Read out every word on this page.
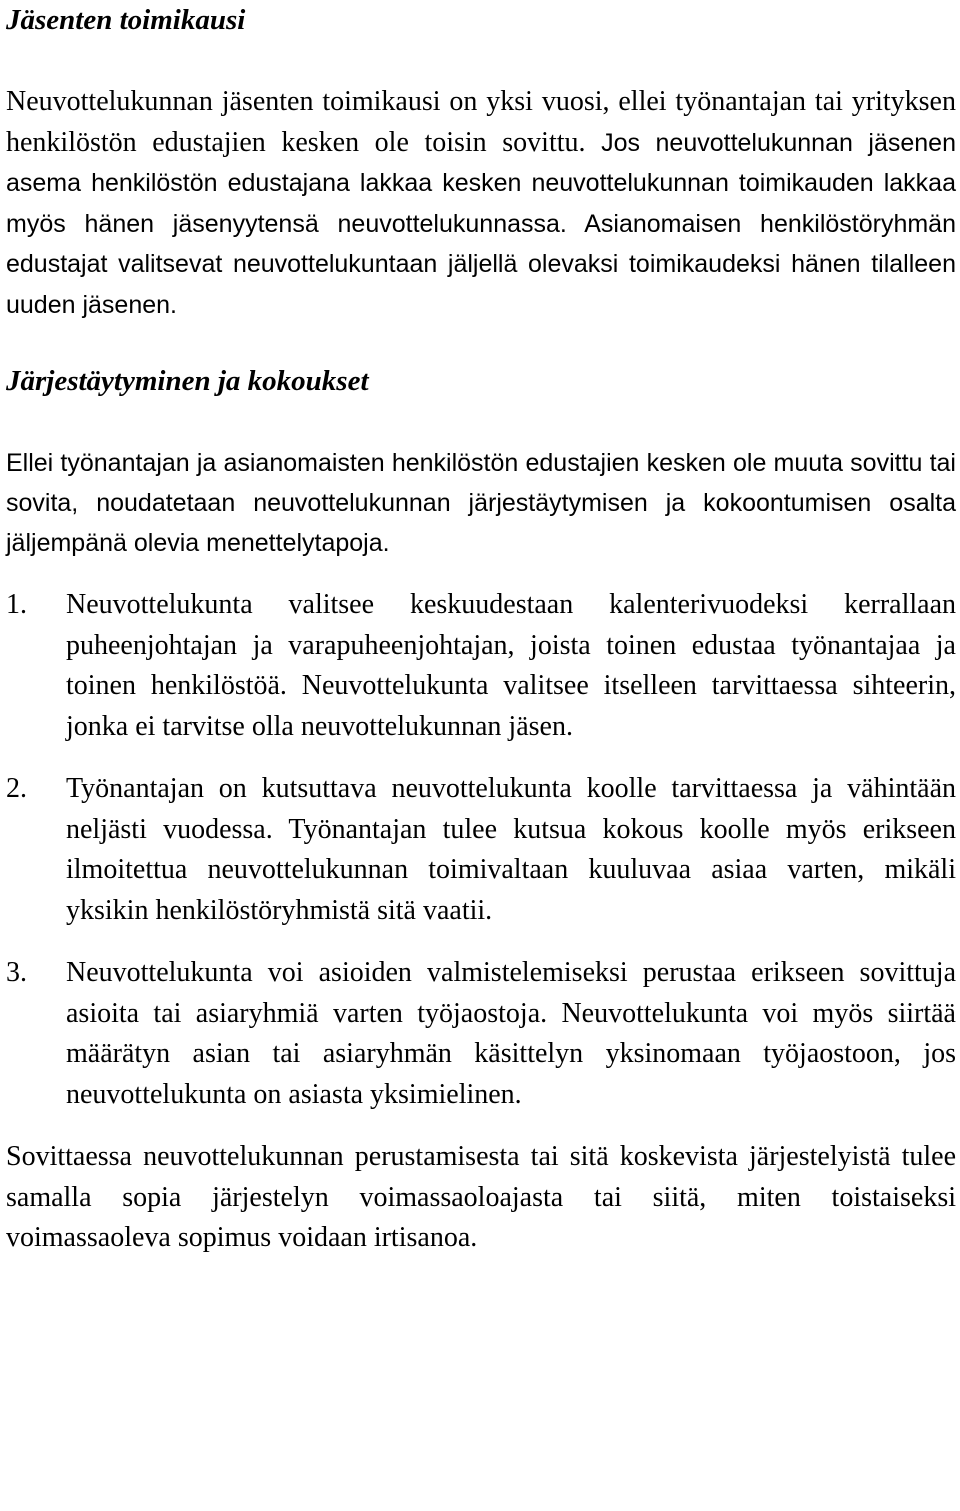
Jäsenten toimikausi

Neuvottelukunnan jäsenten toimikausi on yksi vuosi, ellei työnantajan tai yrityksen henkilöstön edustajien kesken ole toisin sovittu. Jos neuvottelukunnan jäsenen asema henkilöstön edustajana lakkaa kesken neuvottelukunnan toimikauden lakkaa myös hänen jäsenyytensä neuvottelukunnassa. Asianomaisen henkilöstöryhmän edustajat valitsevat neuvottelukuntaan jäljellä olevaksi toimikaudeksi hänen tilalleen uuden jäsenen.

Järjestäytyminen ja kokoukset

Ellei työnantajan ja asianomaisten henkilöstön edustajien kesken ole muuta sovittu tai sovita, noudatetaan neuvottelukunnan järjestäytymisen ja kokoontumisen osalta jäljempänä olevia menettelytapoja.

1.	Neuvottelukunta valitsee keskuudestaan kalenterivuodeksi kerrallaan puheenjohtajan ja varapuheenjohtajan, joista toinen edustaa työnantajaa ja toinen henkilöstöä. Neuvottelukunta valitsee itselleen tarvittaessa sihteerin, jonka ei tarvitse olla neuvottelukunnan jäsen.
2.	Työnantajan on kutsuttava neuvottelukunta koolle tarvittaessa ja vähintään neljästi vuodessa. Työnantajan tulee kutsua kokous koolle myös erikseen ilmoitettua neuvottelukunnan toimivaltaan kuuluvaa asiaa varten, mikäli yksikin henkilöstöryhmistä sitä vaatii.
3.	Neuvottelukunta voi asioiden valmistelemiseksi perustaa erikseen sovittuja asioita tai asiaryhmiä varten työjaostoja. Neuvottelukunta voi myös siirtää määrätyn asian tai asiaryhmän käsittelyn yksinomaan työjaostoon, jos neuvottelukunta on asiasta yksimielinen.

Sovittaessa neuvottelukunnan perustamisesta tai sitä koskevista järjestelyistä tulee samalla sopia järjestelyn voimassaoloajasta tai siitä, miten toistaiseksi voimassaoleva sopimus voidaan irtisanoa.
